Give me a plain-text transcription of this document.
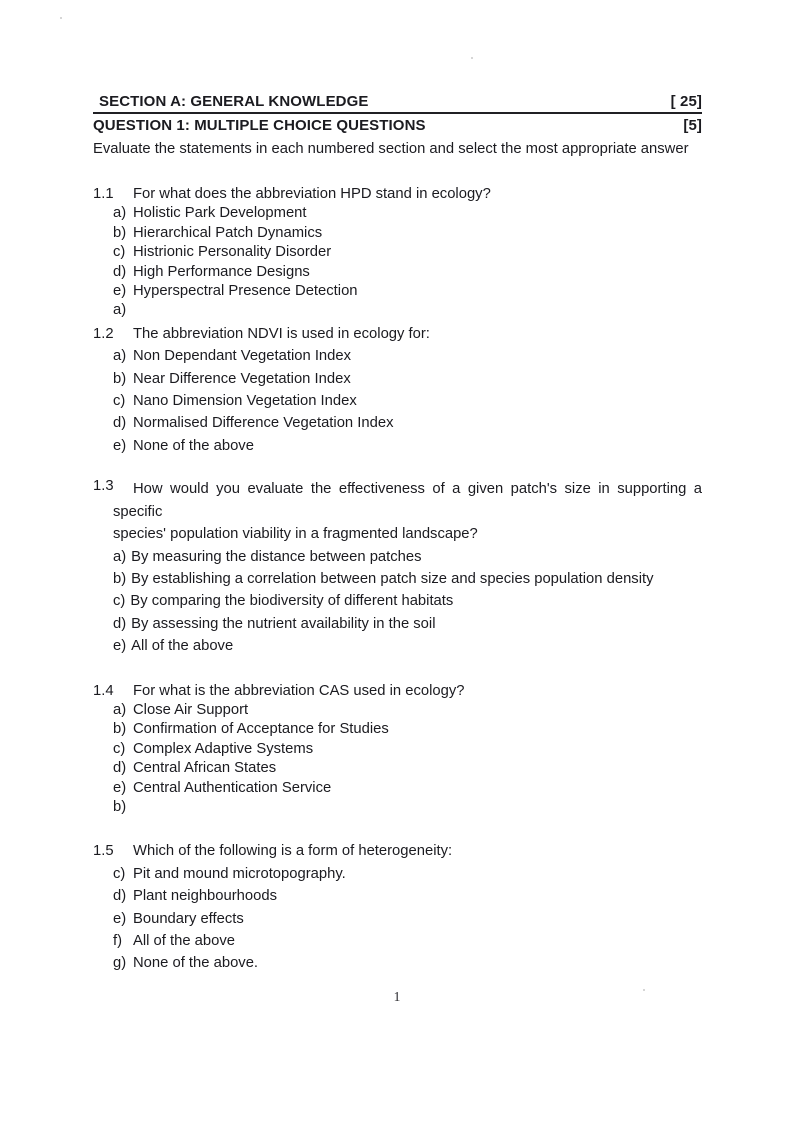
SECTION A: GENERAL KNOWLEDGE	[ 25]
QUESTION 1: MULTIPLE CHOICE QUESTIONS	[5]
Evaluate the statements in each numbered section and select the most appropriate answer
1.1 For what does the abbreviation HPD stand in ecology?
a) Holistic Park Development
b) Hierarchical Patch Dynamics
c) Histrionic Personality Disorder
d) High Performance Designs
e) Hyperspectral Presence Detection
a)
1.2 The abbreviation NDVI is used in ecology for:
a) Non Dependant Vegetation Index
b) Near Difference Vegetation Index
c) Nano Dimension Vegetation Index
d) Normalised Difference Vegetation Index
e) None of the above
1.3	How would you evaluate the effectiveness of a given patch's size in supporting a specific
species' population viability in a fragmented landscape?
a) By measuring the distance between patches
b) By establishing a correlation between patch size and species population density
c) By comparing the biodiversity of different habitats
d) By assessing the nutrient availability in the soil
e) All of the above
1.4 For what is the abbreviation CAS used in ecology?
a) Close Air Support
b) Confirmation of Acceptance for Studies
c) Complex Adaptive Systems
d) Central African States
e) Central Authentication Service
b)
1.5 Which of the following is a form of heterogeneity:
c) Pit and mound microtopography.
d) Plant neighbourhoods
e) Boundary effects
f) All of the above
g) None of the above.
1
